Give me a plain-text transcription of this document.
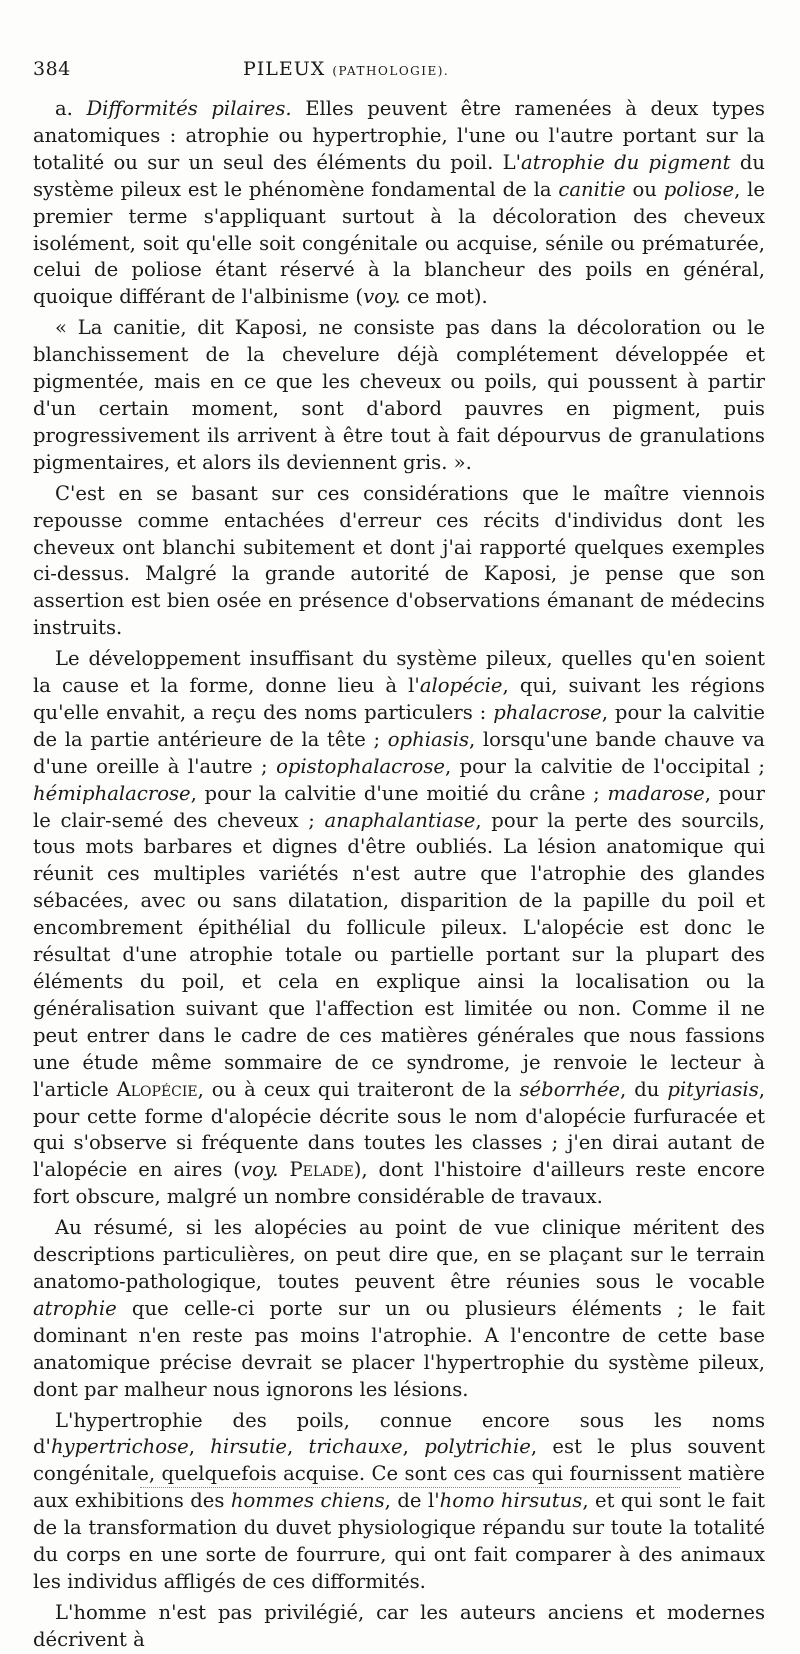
384	PILEUX (PATHOLOGIE).

a. Difformités pilaires. Elles peuvent être ramenées à deux types anatomiques : atrophie ou hypertrophie, l'une ou l'autre portant sur la totalité ou sur un seul des éléments du poil. L'atrophie du pigment du système pileux est le phénomène fondamental de la canitie ou poliose, le premier terme s'appliquant surtout à la décoloration des cheveux isolément, soit qu'elle soit congénitale ou acquise, sénile ou prématurée, celui de poliose étant réservé à la blancheur des poils en général, quoique différant de l'albinisme (voy. ce mot).

« La canitie, dit Kaposi, ne consiste pas dans la décoloration ou le blanchissement de la chevelure déjà complétement développée et pigmentée, mais en ce que les cheveux ou poils, qui poussent à partir d'un certain moment, sont d'abord pauvres en pigment, puis progressivement ils arrivent à être tout à fait dépourvus de granulations pigmentaires, et alors ils deviennent gris. ».

C'est en se basant sur ces considérations que le maître viennois repousse comme entachées d'erreur ces récits d'individus dont les cheveux ont blanchi subitement et dont j'ai rapporté quelques exemples ci-dessus. Malgré la grande autorité de Kaposi, je pense que son assertion est bien osée en présence d'observations émanant de médecins instruits.

Le développement insuffisant du système pileux, quelles qu'en soient la cause et la forme, donne lieu à l'alopécie, qui, suivant les régions qu'elle envahit, a reçu des noms particulers : phalacrose, pour la calvitie de la partie antérieure de la tête ; ophiasis, lorsqu'une bande chauve va d'une oreille à l'autre ; opistophalacrose, pour la calvitie de l'occipital ; hémiphalacrose, pour la calvitie d'une moitié du crâne ; madarose, pour le clair-semé des cheveux ; anaphalantiase, pour la perte des sourcils, tous mots barbares et dignes d'être oubliés. La lésion anatomique qui réunit ces multiples variétés n'est autre que l'atrophie des glandes sébacées, avec ou sans dilatation, disparition de la papille du poil et encombrement épithélial du follicule pileux. L'alopécie est donc le résultat d'une atrophie totale ou partielle portant sur la plupart des éléments du poil, et cela en explique ainsi la localisation ou la généralisation suivant que l'affection est limitée ou non. Comme il ne peut entrer dans le cadre de ces matières générales que nous fassions une étude même sommaire de ce syndrome, je renvoie le lecteur à l'article Alopécie, ou à ceux qui traiteront de la séborrhée, du pityriasis, pour cette forme d'alopécie décrite sous le nom d'alopécie furfuracée et qui s'observe si fréquente dans toutes les classes ; j'en dirai autant de l'alopécie en aires (voy. Pelade), dont l'histoire d'ailleurs reste encore fort obscure, malgré un nombre considérable de travaux.

Au résumé, si les alopécies au point de vue clinique méritent des descriptions particulières, on peut dire que, en se plaçant sur le terrain anatomo-pathologique, toutes peuvent être réunies sous le vocable atrophie que celle-ci porte sur un ou plusieurs éléments ; le fait dominant n'en reste pas moins l'atrophie. A l'encontre de cette base anatomique précise devrait se placer l'hypertrophie du système pileux, dont par malheur nous ignorons les lésions.

L'hypertrophie des poils, connue encore sous les noms d'hypertrichose, hirsutie, trichauxe, polytrichie, est le plus souvent congénitale, quelquefois acquise. Ce sont ces cas qui fournissent matière aux exhibitions des hommes chiens, de l'homo hirsutus, et qui sont le fait de la transformation du duvet physiologique répandu sur toute la totalité du corps en une sorte de fourrure, qui ont fait comparer à des animaux les individus affligés de ces difformités.

L'homme n'est pas privilégié, car les auteurs anciens et modernes décrivent à
